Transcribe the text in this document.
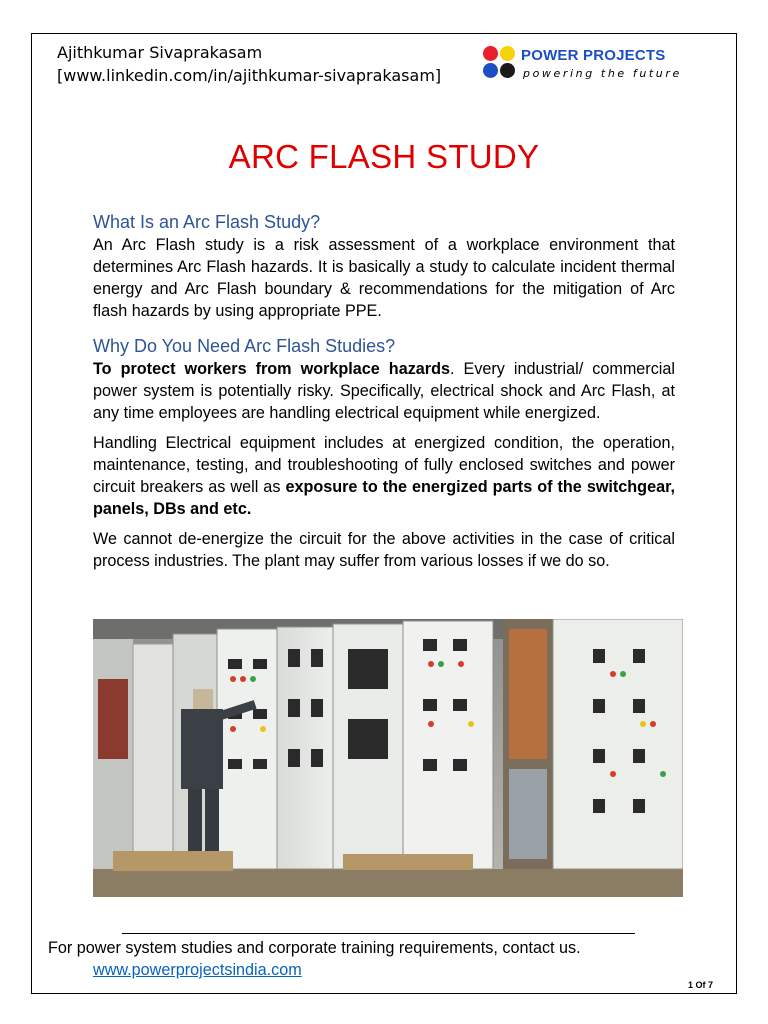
Ajithkumar Sivaprakasam
[www.linkedin.com/in/ajithkumar-sivaprakasam]
POWER PROJECTS
powering the future
ARC FLASH STUDY
What Is an Arc Flash Study?

An Arc Flash study is a risk assessment of a workplace environment that determines Arc Flash hazards. It is basically a study to calculate incident thermal energy and Arc Flash boundary & recommendations for the mitigation of Arc flash hazards by using appropriate PPE.

Why Do You Need Arc Flash Studies?

To protect workers from workplace hazards. Every industrial/ commercial power system is potentially risky. Specifically, electrical shock and Arc Flash, at any time employees are handling electrical equipment while energized.

Handling Electrical equipment includes at energized condition, the operation, maintenance, testing, and troubleshooting of fully enclosed switches and power circuit breakers as well as exposure to the energized parts of the switchgear, panels, DBs and etc.

We cannot de-energize the circuit for the above activities in the case of critical process industries. The plant may suffer from various losses if we do so.

For power system studies and corporate training requirements, contact us.
www.powerprojectsindia.com
1 Of 7
